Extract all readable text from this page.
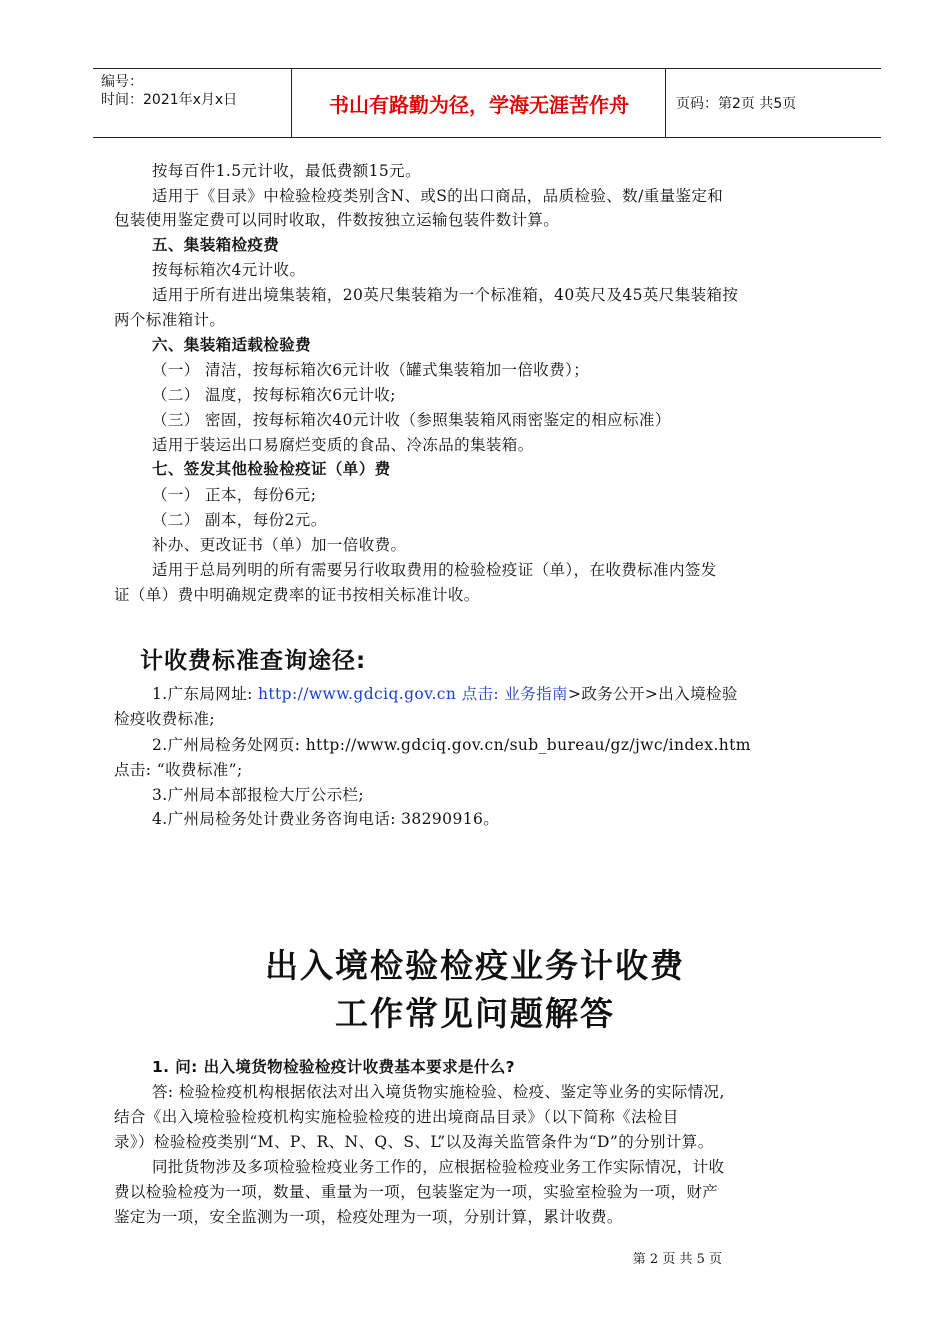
编号：
时间：2021年x月x日	书山有路勤为径，学海无涯苦作舟	页码：第2页 共5页
按每百件1.5元计收，最低费额15元。
适用于《目录》中检验检疫类别含N、或S的出口商品，品质检验、数/重量鉴定和
包装使用鉴定费可以同时收取，件数按独立运输包装件数计算。
五、集装箱检疫费
按每标箱次4元计收。
适用于所有进出境集装箱，20英尺集装箱为一个标准箱，40英尺及45英尺集装箱按
两个标准箱计。
六、集装箱适载检验费
（一） 清洁，按每标箱次6元计收（罐式集装箱加一倍收费）；
（二） 温度，按每标箱次6元计收;
（三） 密固，按每标箱次40元计收（参照集装箱风雨密鉴定的相应标准）
适用于装运出口易腐烂变质的食品、冷冻品的集装箱。
七、签发其他检验检疫证（单）费
（一） 正本，每份6元;
（二） 副本，每份2元。
补办、更改证书（单）加一倍收费。
适用于总局列明的所有需要另行收取费用的检验检疫证（单），在收费标准内签发
证（单）费中明确规定费率的证书按相关标准计收。
计收费标准查询途径:
1.广东局网址: http://www.gdciq.gov.cn 点击: 业务指南>政务公开>出入境检验
检疫收费标准;
2.广州局检务处网页: http://www.gdciq.gov.cn/sub_bureau/gz/jwc/index.htm
点击: “收费标准”;
3.广州局本部报检大厅公示栏;
4.广州局检务处计费业务咨询电话: 38290916。
出入境检验检疫业务计收费
工作常见问题解答
1. 问: 出入境货物检验检疫计收费基本要求是什么?
答: 检验检疫机构根据依法对出入境货物实施检验、检疫、鉴定等业务的实际情况,
结合《出入境检验检疫机构实施检验检疫的进出境商品目录》（以下简称《法检目
录》）检验检疫类别“M、P、R、N、Q、S、L”以及海关监管条件为“D”的分别计算。
同批货物涉及多项检验检疫业务工作的，应根据检验检疫业务工作实际情况，计收
费以检验检疫为一项，数量、重量为一项，包装鉴定为一项，实验室检验为一项，财产
鉴定为一项，安全监测为一项，检疫处理为一项，分别计算，累计收费。
第 2 页 共 5 页
